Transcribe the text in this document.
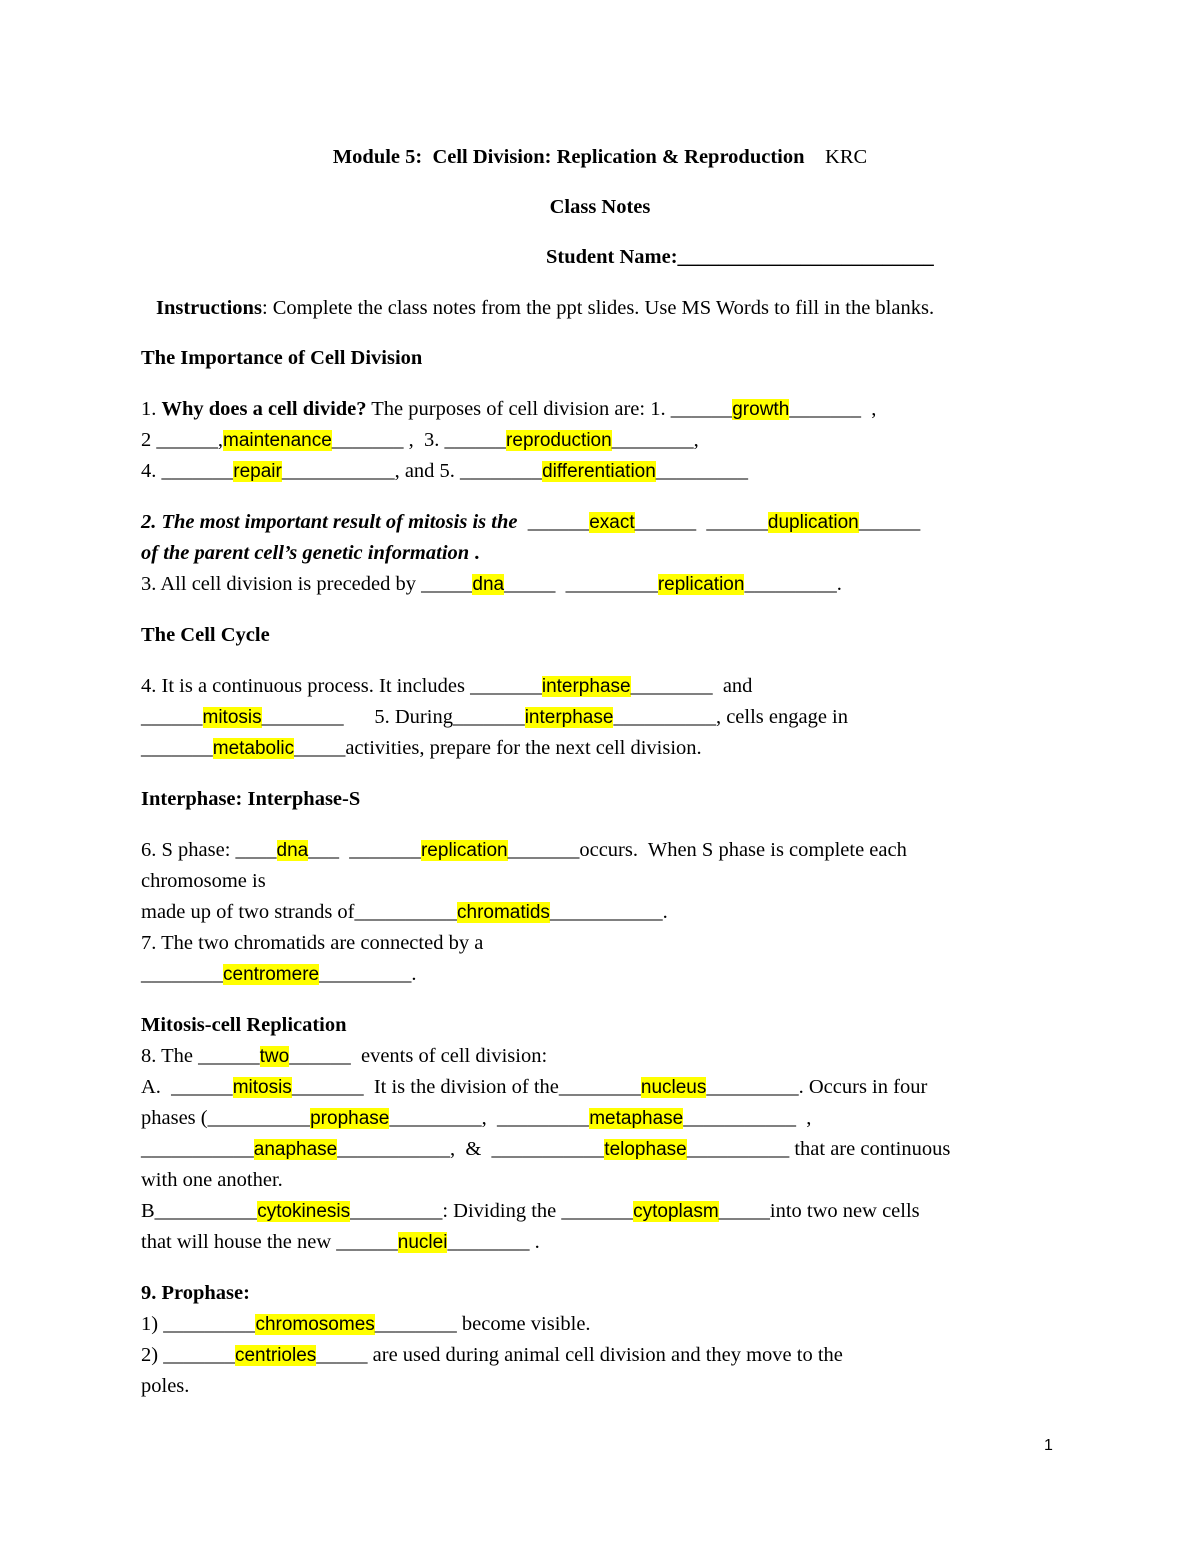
Module 5:  Cell Division: Replication & Reproduction KRC
Class Notes
Student Name:_________________________
Instructions: Complete the class notes from the ppt slides. Use MS Words to fill in the blanks.
The Importance of Cell Division
1. Why does a cell divide? The purposes of cell division are: 1. ______growth_______  ,
2 ______,maintenance_______ ,  3. ______reproduction________,
4. _______repair___________, and 5. ________differentiation_________
2. The most important result of mitosis is the  ______exact______  ______duplication______
of the parent cell’s genetic information .
3. All cell division is preceded by _____dna_____  _________replication_________.
The Cell Cycle
4. It is a continuous process. It includes _______interphase________  and
______mitosis________      5. During_______interphase__________, cells engage in
_______metabolic_____activities, prepare for the next cell division.
Interphase: Interphase-S
6. S phase: ____dna___  _______replication_______occurs.  When S phase is complete each
chromosome is
made up of two strands of__________chromatids___________.
7. The two chromatids are connected by a
________centromere_________.
Mitosis-cell Replication
8. The ______two______  events of cell division:
A.  ______mitosis_______  It is the division of the________nucleus_________. Occurs in four
phases (__________prophase_________,  _________metaphase___________  ,
___________anaphase___________,  &  ___________telophase__________ that are continuous
with one another.
B__________cytokinesis_________: Dividing the _______cytoplasm_____into two new cells
that will house the new ______nuclei________ .
9. Prophase:
1) _________chromosomes________ become visible.
2) _______centrioles_____ are used during animal cell division and they move to the
poles.
1
